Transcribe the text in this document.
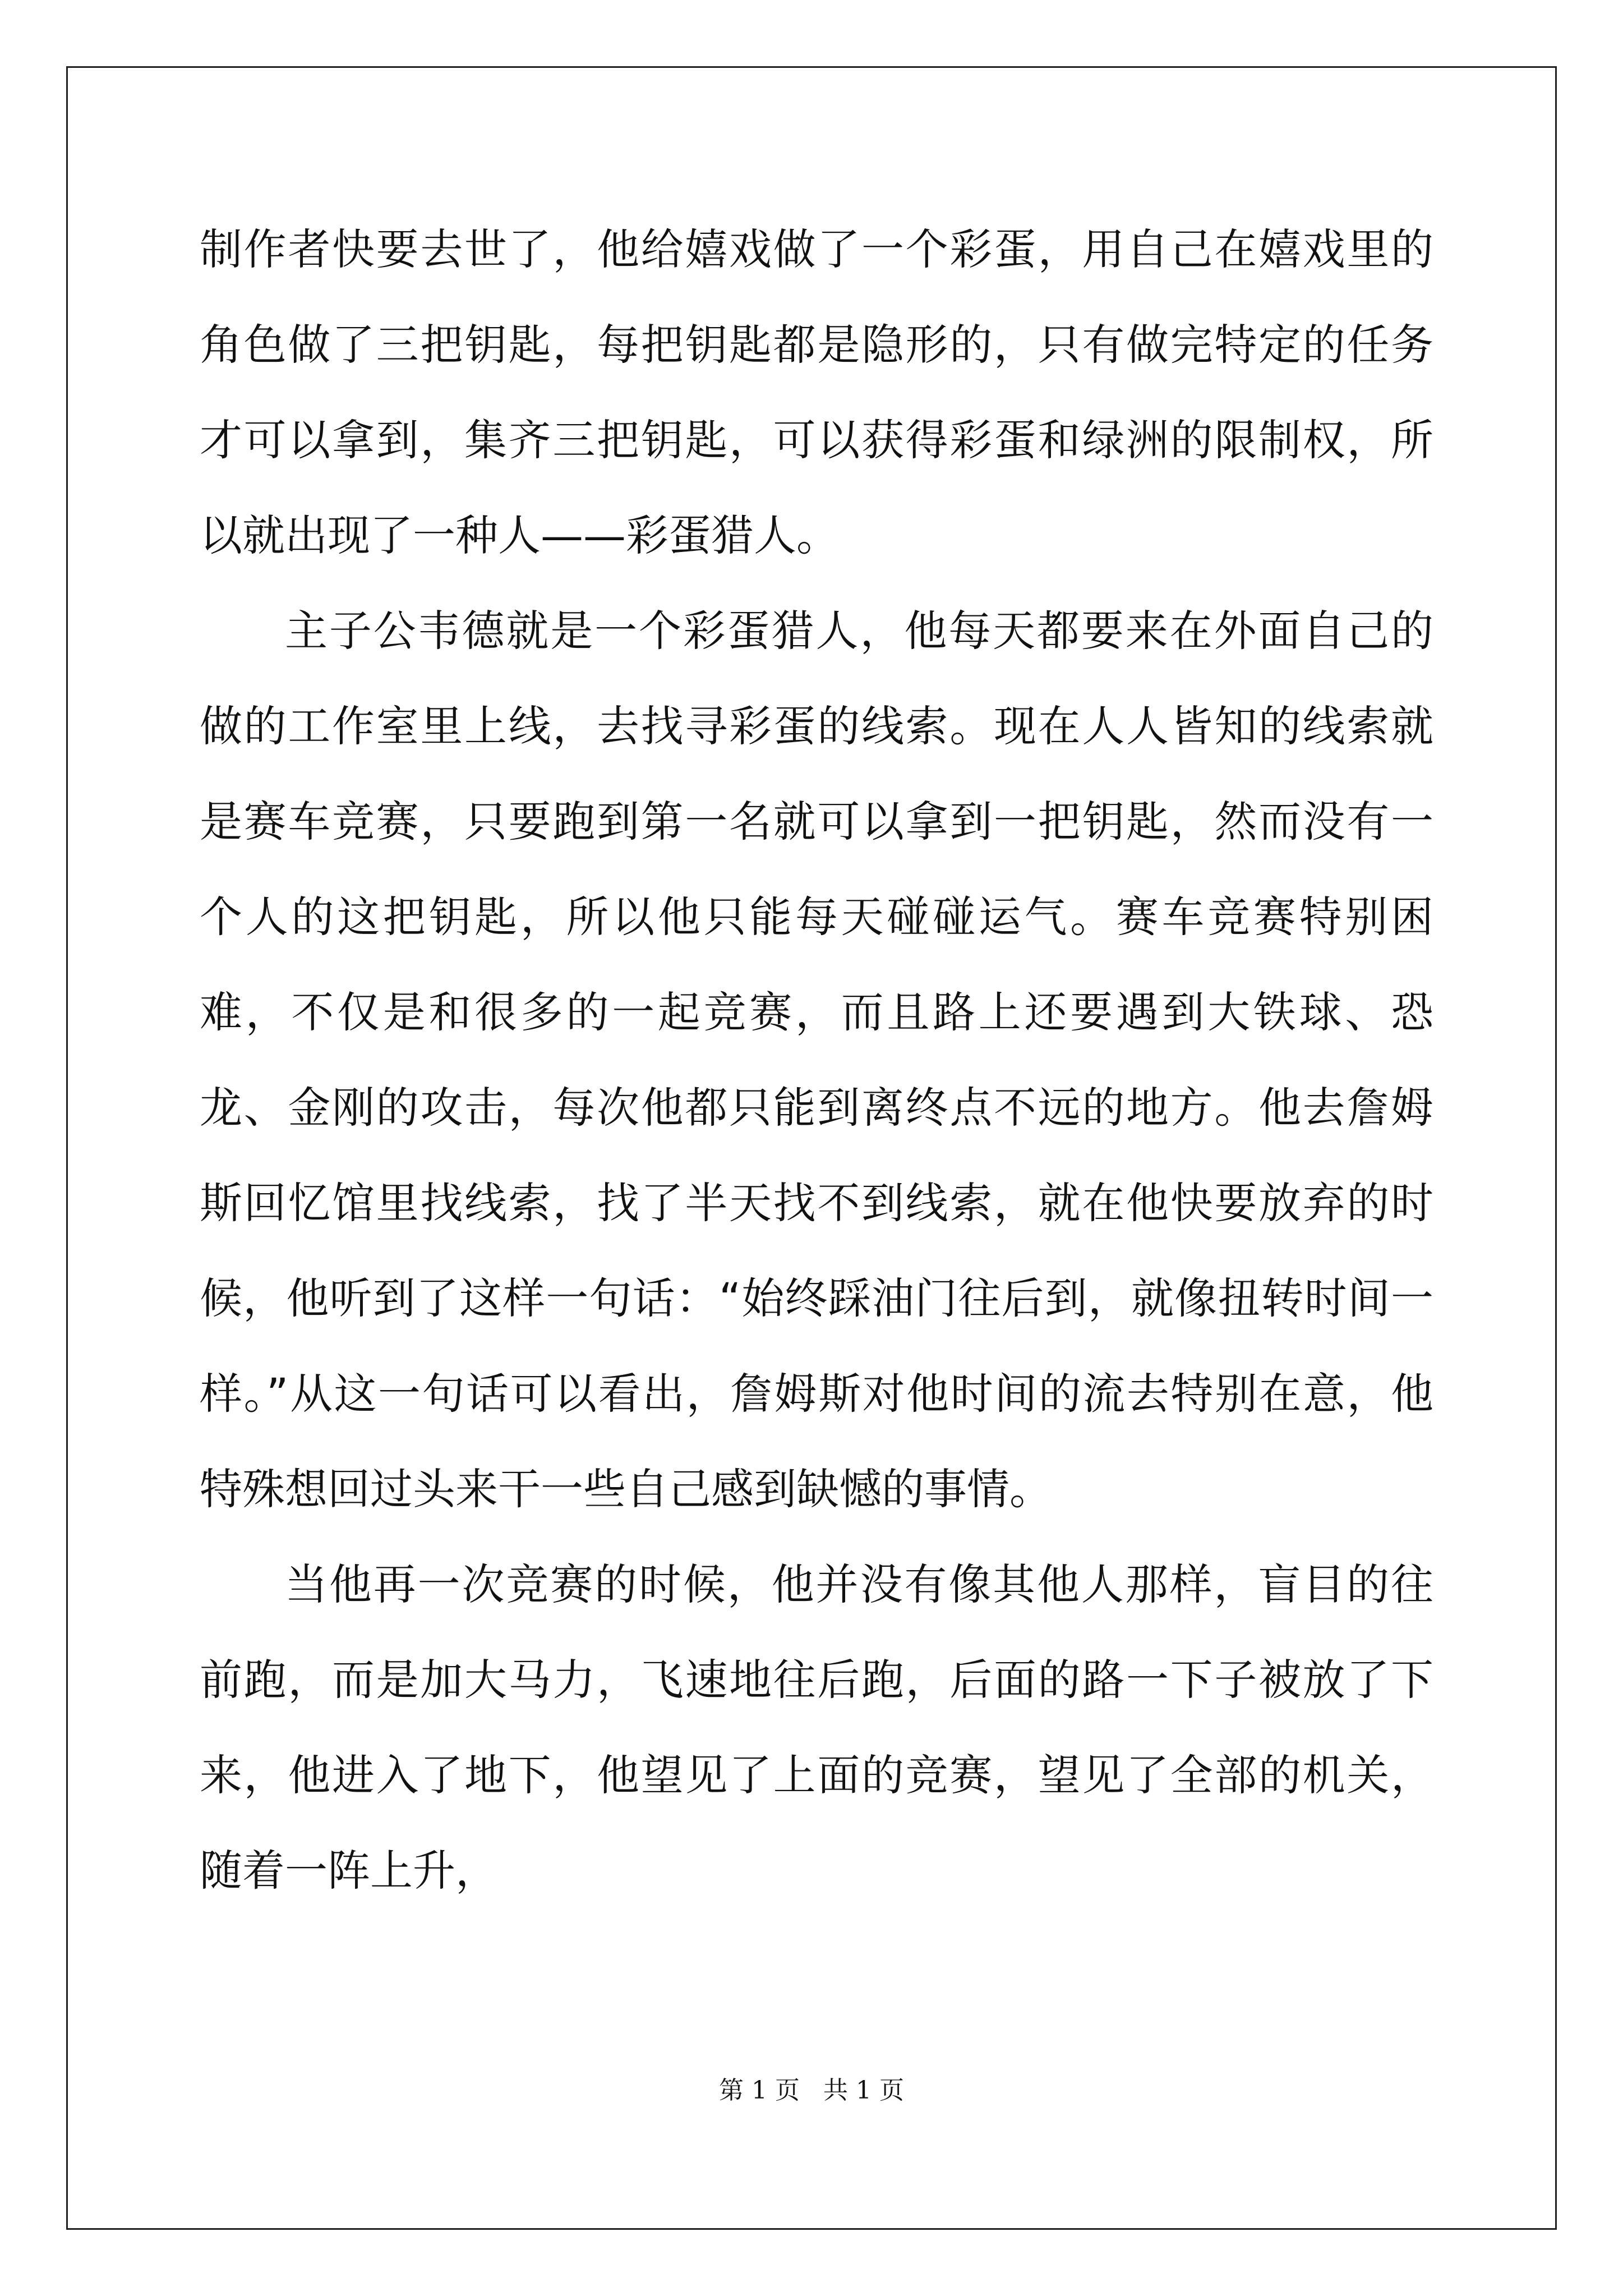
制作者快要去世了，他给嬉戏做了一个彩蛋，用自己在嬉戏里的角色做了三把钥匙，每把钥匙都是隐形的，只有做完特定的任务才可以拿到，集齐三把钥匙，可以获得彩蛋和绿洲的限制权，所以就出现了一种人——彩蛋猎人。

主子公韦德就是一个彩蛋猎人，他每天都要来在外面自己的做的工作室里上线，去找寻彩蛋的线索。现在人人皆知的线索就是赛车竞赛，只要跑到第一名就可以拿到一把钥匙，然而没有一个人的这把钥匙，所以他只能每天碰碰运气。赛车竞赛特别困难，不仅是和很多的一起竞赛，而且路上还要遇到大铁球、恐龙、金刚的攻击，每次他都只能到离终点不远的地方。他去詹姆斯回忆馆里找线索，找了半天找不到线索，就在他快要放弃的时候，他听到了这样一句话：“始终踩油门往后到，就像扭转时间一样。”从这一句话可以看出，詹姆斯对他时间的流去特别在意，他特殊想回过头来干一些自己感到缺憾的事情。

当他再一次竞赛的时候，他并没有像其他人那样，盲目的往前跑，而是加大马力，飞速地往后跑，后面的路一下子被放了下来，他进入了地下，他望见了上面的竞赛，望见了全部的机关，随着一阵上升，

第 1 页 共 1 页
